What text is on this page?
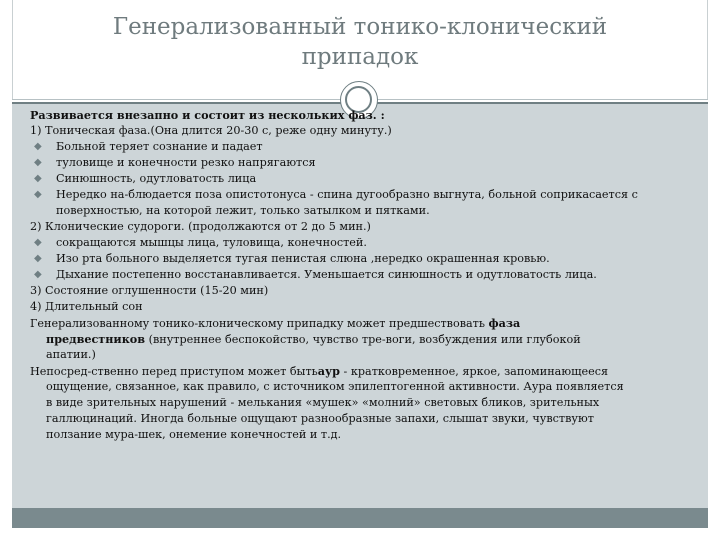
Генерализованный тонико-клонический
припадок
Развивается внезапно и состоит из нескольких фаз. :
1) Тоническая фаза.(Она длится 20-30 с, реже одну минуту.)
◆ Больной теряет сознание и падает
◆ туловище и конечности резко напрягаются
◆ Синюшность, одутловатость лица
◆ Нередко на-блюдается поза опистотонуса - спина дугообразно выгнута, больной соприкасается с
поверхностью, на которой лежит, только затылком и пятками.
2) Клонические судороги. (продолжаются от 2 до 5 мин.)
◆ сокращаются мышцы лица, туловища, конечностей.
◆ Изо рта больного выделяется тугая пенистая слюна ,нередко окрашенная кровью.
◆ Дыхание постепенно восстанавливается. Уменьшается синюшность и одутловатость лица.
3) Состояние оглушенности (15-20 мин)
4) Длительный сон
Генерализованному тонико-клоническому припадку может предшествовать фаза
предвестников (внутреннее беспокойство, чувство тре-воги, возбуждения или глубокой
апатии.)
Непосред-ственно перед приступом может бытьаур - кратковременное, яркое, запоминающееся
ощущение, связанное, как правило, с источником эпилептогенной активности. Аура появляется
в виде зрительных нарушений - мелькания «мушек» «молний» световых бликов, зрительных
галлюцинаций. Иногда больные ощущают разнообразные запахи, слышат звуки, чувствуют
ползание мура-шек, онемение конечностей и т.д.
